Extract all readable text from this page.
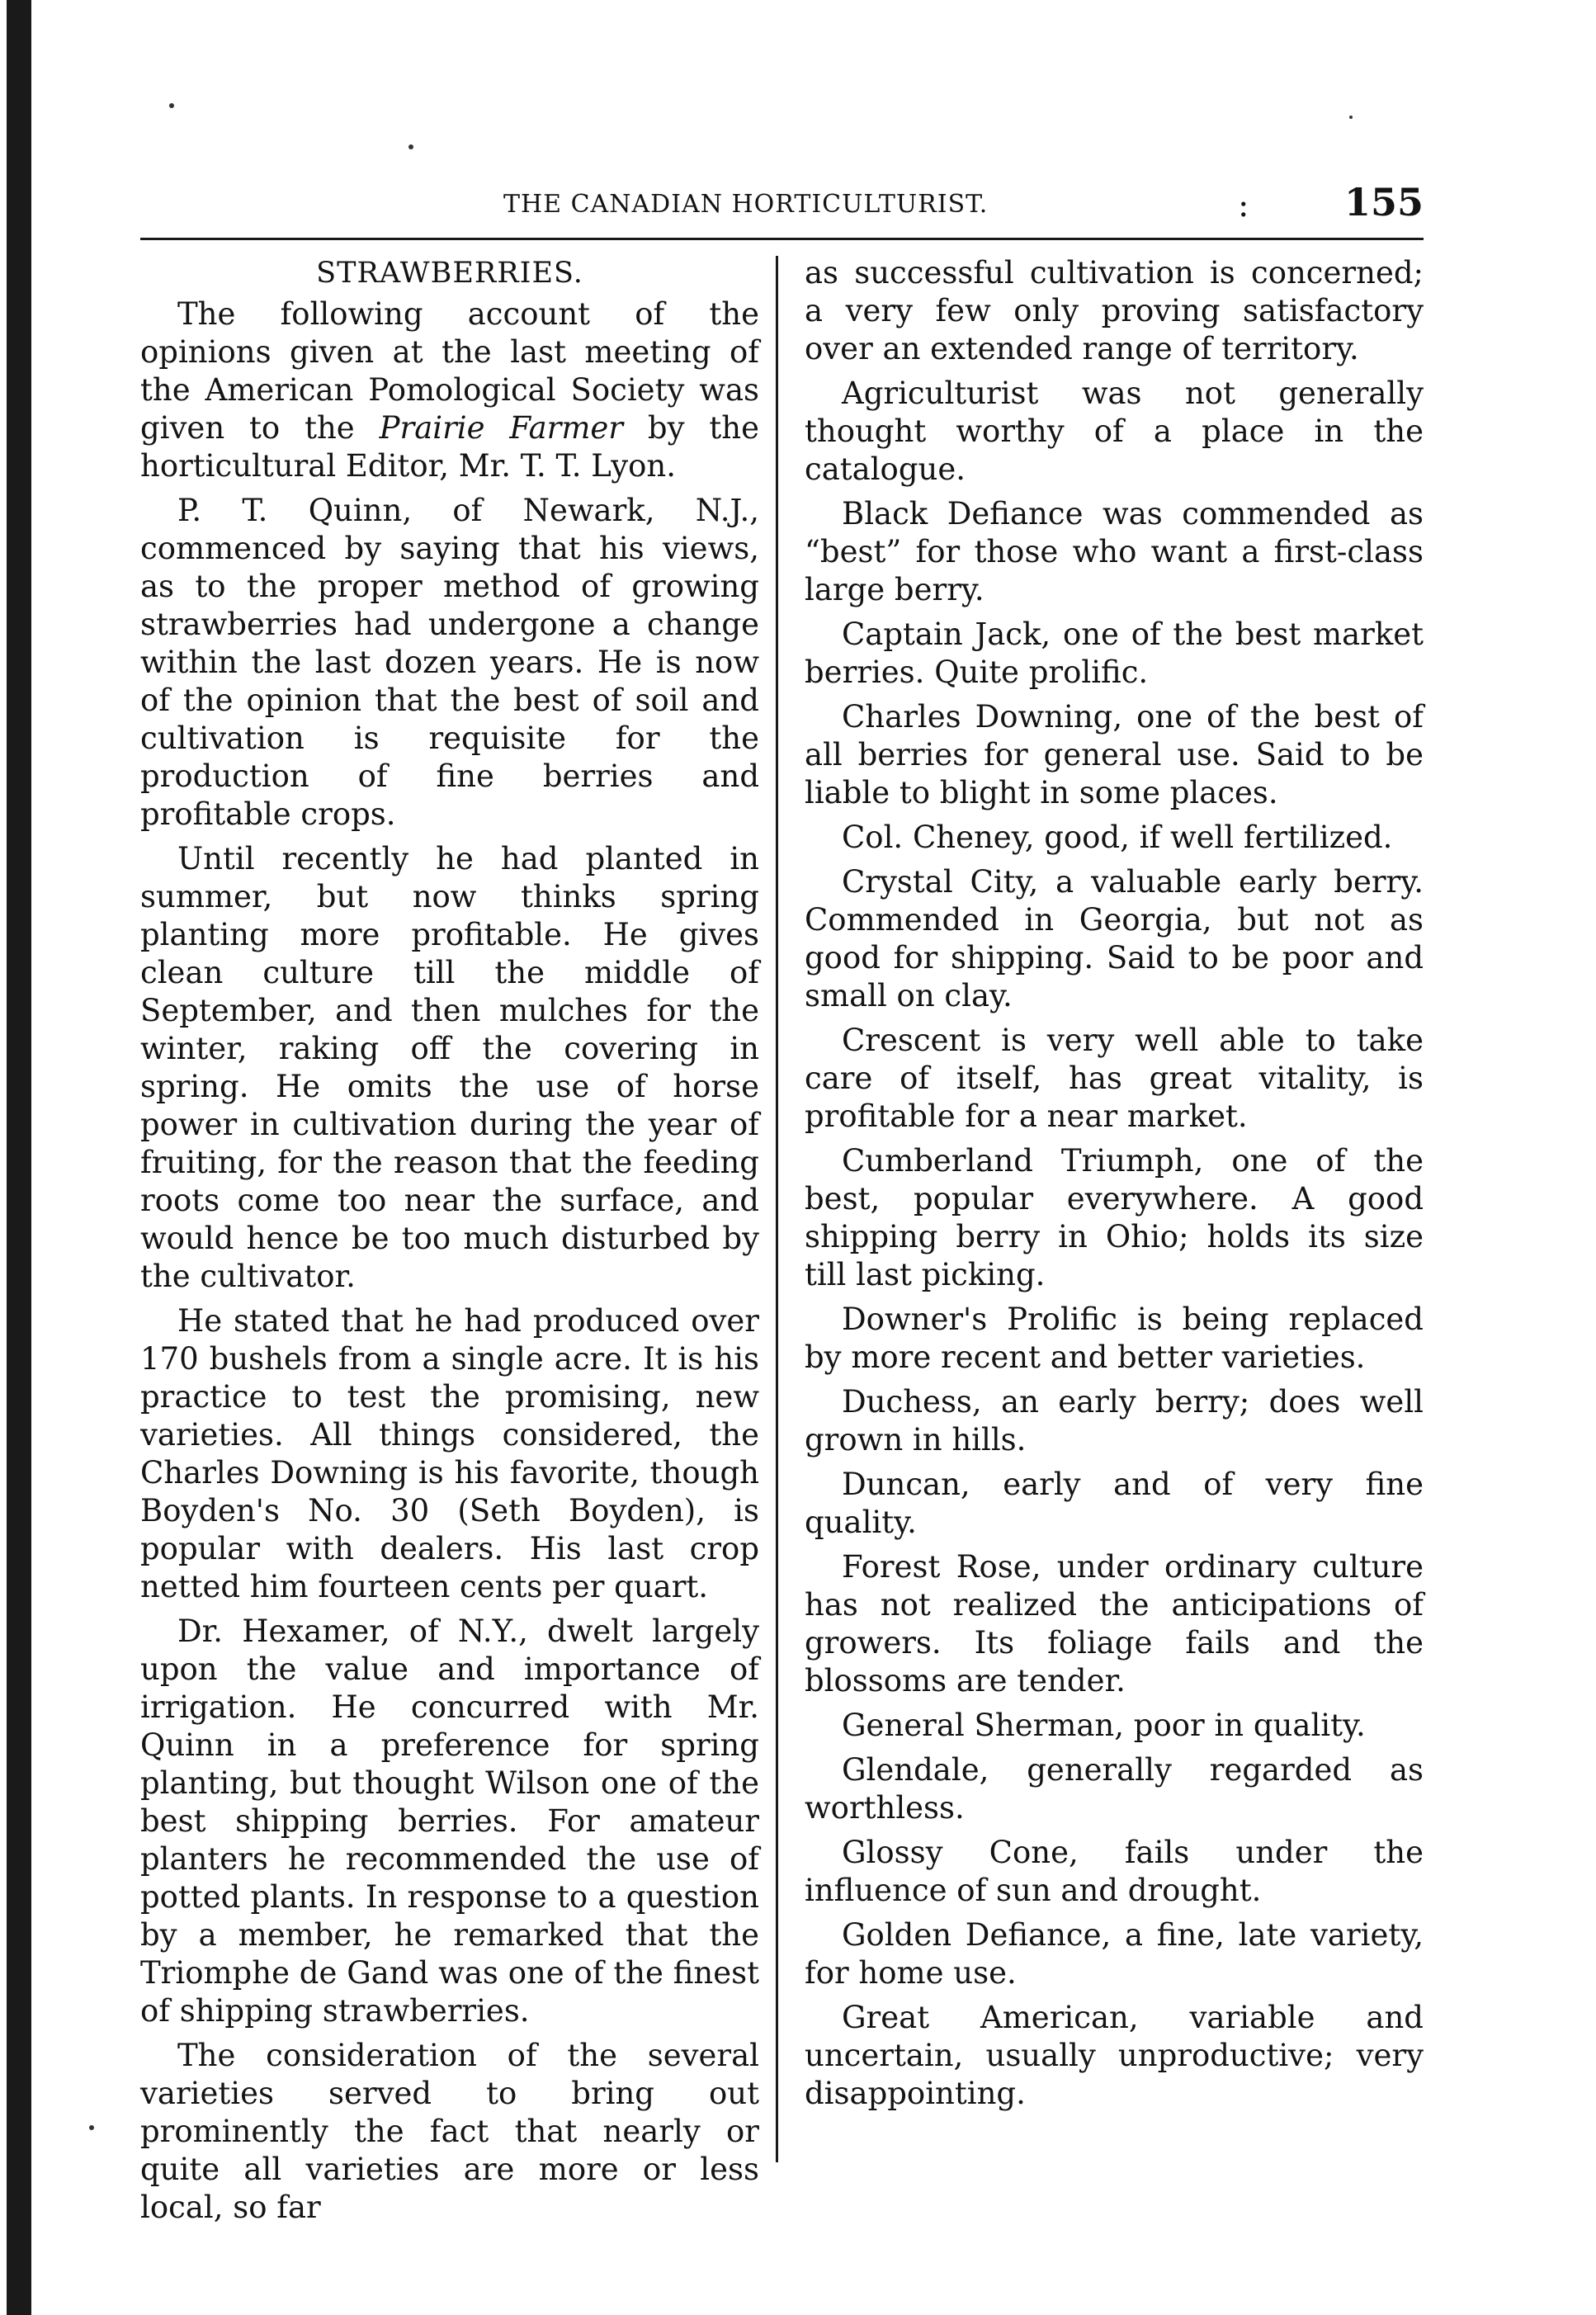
THE CANADIAN HORTICULTURIST.	:	155
STRAWBERRIES.

The following account of the opinions given at the last meeting of the American Pomological Society was given to the Prairie Farmer by the horticultural Editor, Mr. T. T. Lyon.

P. T. Quinn, of Newark, N.J., commenced by saying that his views, as to the proper method of growing strawberries had undergone a change within the last dozen years. He is now of the opinion that the best of soil and cultivation is requisite for the production of fine berries and profitable crops.

Until recently he had planted in summer, but now thinks spring planting more profitable. He gives clean culture till the middle of September, and then mulches for the winter, raking off the covering in spring. He omits the use of horse power in cultivation during the year of fruiting, for the reason that the feeding roots come too near the surface, and would hence be too much disturbed by the cultivator.

He stated that he had produced over 170 bushels from a single acre. It is his practice to test the promising, new varieties. All things considered, the Charles Downing is his favorite, though Boyden's No. 30 (Seth Boyden), is popular with dealers. His last crop netted him fourteen cents per quart.

Dr. Hexamer, of N.Y., dwelt largely upon the value and importance of irrigation. He concurred with Mr. Quinn in a preference for spring planting, but thought Wilson one of the best shipping berries. For amateur planters he recommended the use of potted plants. In response to a question by a member, he remarked that the Triomphe de Gand was one of the finest of shipping strawberries.

The consideration of the several varieties served to bring out prominently the fact that nearly or quite all varieties are more or less local, so far

as successful cultivation is concerned; a very few only proving satisfactory over an extended range of territory.

Agriculturist was not generally thought worthy of a place in the catalogue.

Black Defiance was commended as “best” for those who want a first-class large berry.

Captain Jack, one of the best market berries. Quite prolific.

Charles Downing, one of the best of all berries for general use. Said to be liable to blight in some places.

Col. Cheney, good, if well fertilized.

Crystal City, a valuable early berry. Commended in Georgia, but not as good for shipping. Said to be poor and small on clay.

Crescent is very well able to take care of itself, has great vitality, is profitable for a near market.

Cumberland Triumph, one of the best, popular everywhere. A good shipping berry in Ohio; holds its size till last picking.

Downer's Prolific is being replaced by more recent and better varieties.

Duchess, an early berry; does well grown in hills.

Duncan, early and of very fine quality.

Forest Rose, under ordinary culture has not realized the anticipations of growers. Its foliage fails and the blossoms are tender.

General Sherman, poor in quality.

Glendale, generally regarded as worthless.

Glossy Cone, fails under the influence of sun and drought.

Golden Defiance, a fine, late variety, for home use.

Great American, variable and uncertain, usually unproductive; very disappointing.
